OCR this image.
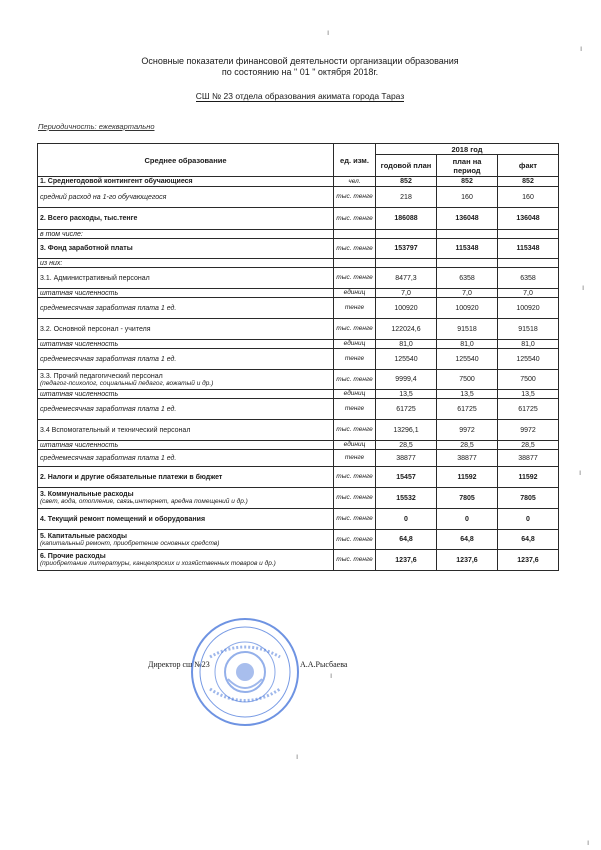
Основные показатели финансовой деятельности организации образования
по состоянию на " 01 " октября 2018г.
СШ № 23 отдела образования акимата города Тараз
Периодичность: ежеквартально
Среднее образование	ед. изм.	2018 год		
		годовой план	план на период	факт
1. Среднегодовой контингент обучающиеся	чел.	852	852	852
средний расход на 1-го обучающегося	тыс. тенге	218	160	160
2. Всего расходы, тыс.тенге	тыс. тенге	186088	136048	136048
в том числе:				
3. Фонд заработной платы	тыс. тенге	153797	115348	115348
из них:				
3.1. Административный персонал	тыс. тенге	8477,3	6358	6358
штатная численность	единиц	7,0	7,0	7,0
среднемесячная заработная плата 1 ед.	тенге	100920	100920	100920
3.2. Основной персонал - учителя	тыс. тенге	122024,6	91518	91518
штатная численность	единиц	81,0	81,0	81,0
среднемесячная заработная плата 1 ед.	тенге	125540	125540	125540
3.3. Прочий педагогический персонал
(педагог-психолог, социальный педагог, вожатый и др.)	тыс. тенге	9999,4	7500	7500
штатная численность	единиц	13,5	13,5	13,5
среднемесячная заработная плата 1 ед.	тенге	61725	61725	61725
3.4 Вспомогательный и технический персонал	тыс. тенге	13296,1	9972	9972
штатная численность	единиц	28,5	28,5	28,5
среднемесячная заработная плата 1 ед.	тенге	38877	38877	38877
2. Налоги и другие обязательные платежи в бюджет	тыс. тенге	15457	11592	11592
3. Коммунальные расходы
(свет, вода, отопление, связь,интернет, аредна помещений и др.)	тыс. тенге	15532	7805	7805
4. Текущий ремонт помещений и оборудования	тыс. тенге	0	0	0
5. Капитальные расходы
(капитальный ремонт, приобретение основных средств)	тыс. тенге	64,8	64,8	64,8
6. Прочие расходы
(приобретание литературы, канцелярских и хозяйственных товаров и др.)	тыс. тенге	1237,6	1237,6	1237,6
Директор сш №23	А.А.Рысбаева
ı
ı
ı
ı
ı
ı
ı
